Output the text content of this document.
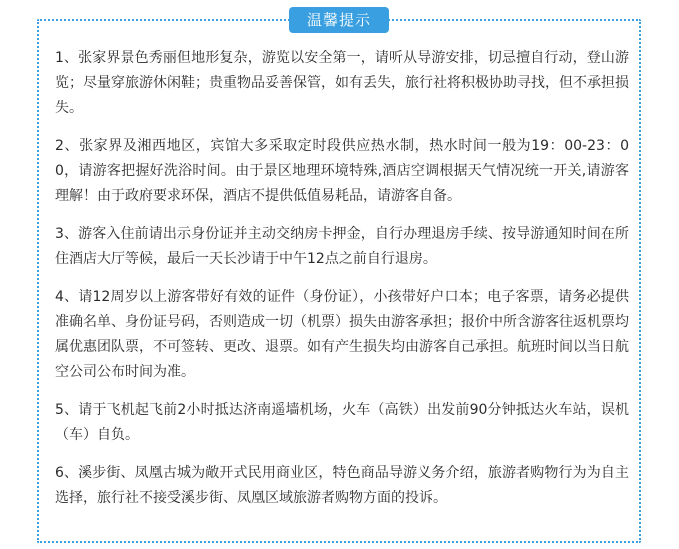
温馨提示

1、张家界景色秀丽但地形复杂，游览以安全第一，请听从导游安排，切忌擅自行动，登山游览；尽量穿旅游休闲鞋；贵重物品妥善保管，如有丢失，旅行社将积极协助寻找，但不承担损失。

2、张家界及湘西地区，宾馆大多采取定时段供应热水制，热水时间一般为19：00-23：00，请游客把握好洗浴时间。由于景区地理环境特殊,酒店空调根据天气情况统一开关,请游客理解！由于政府要求环保，酒店不提供低值易耗品，请游客自备。

3、游客入住前请出示身份证并主动交纳房卡押金，自行办理退房手续、按导游通知时间在所住酒店大厅等候，最后一天长沙请于中午12点之前自行退房。

4、请12周岁以上游客带好有效的证件（身份证），小孩带好户口本；电子客票，请务必提供准确名单、身份证号码，否则造成一切（机票）损失由游客承担；报价中所含游客往返机票均属优惠团队票，不可签转、更改、退票。如有产生损失均由游客自己承担。航班时间以当日航空公司公布时间为准。

5、请于飞机起飞前2小时抵达济南遥墙机场，火车（高铁）出发前90分钟抵达火车站，误机（车）自负。

6、溪步街、凤凰古城为敞开式民用商业区，特色商品导游义务介绍，旅游者购物行为为自主选择，旅行社不接受溪步街、凤凰区域旅游者购物方面的投诉。
